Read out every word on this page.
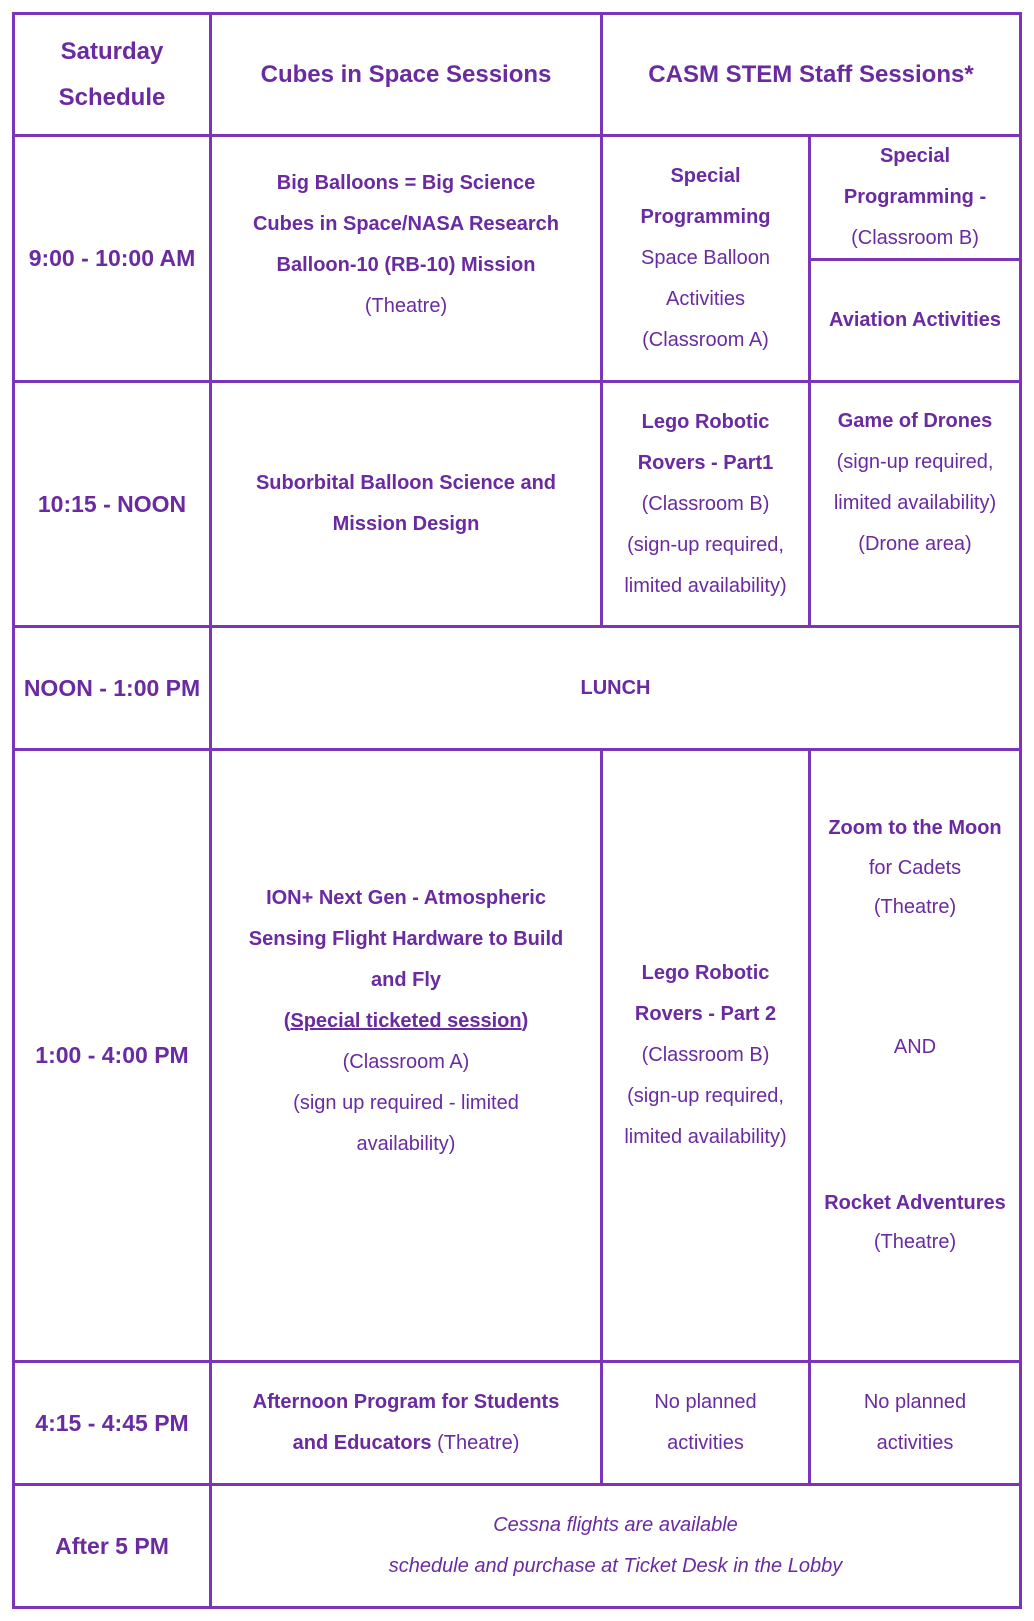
Saturday
Schedule
Cubes in Space Sessions	CASM STEM Staff Sessions*
9:00 - 10:00 AM
Big Balloons = Big Science
Cubes in Space/NASA Research
Balloon-10 (RB-10) Mission
(Theatre)
Special
Programming
Space Balloon
Activities
(Classroom A)
Special
Programming -
(Classroom B)
Aviation Activities
10:15 - NOON
Suborbital Balloon Science and
Mission Design
Lego Robotic
Rovers - Part1
(Classroom B)
(sign-up required,
limited availability)
Game of Drones
(sign-up required,
limited availability)
(Drone area)
NOON - 1:00 PM	LUNCH
1:00 - 4:00 PM
ION+ Next Gen - Atmospheric
Sensing Flight Hardware to Build
and Fly
(Special ticketed session)
(Classroom A)
(sign up required - limited
availability)
Lego Robotic
Rovers - Part 2
(Classroom B)
(sign-up required,
limited availability)
Zoom to the Moon
for Cadets
(Theatre)
AND
Rocket Adventures
(Theatre)
4:15 - 4:45 PM
Afternoon Program for Students
and Educators (Theatre)
No planned
activities
No planned
activities
After 5 PM
Cessna flights are available
schedule and purchase at Ticket Desk in the Lobby
